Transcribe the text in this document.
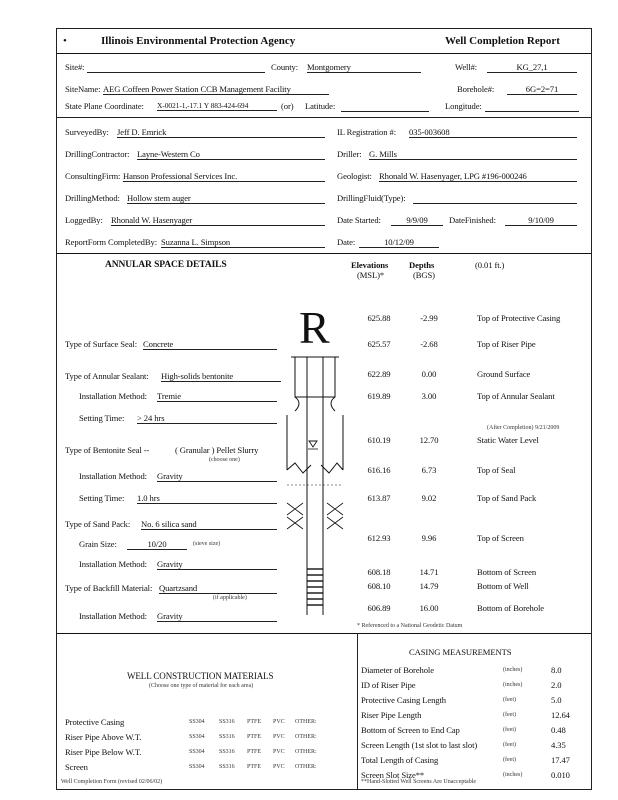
•	Illinois Environmental Protection Agency	Well Completion Report
Site#:	County: Montgomery	Well#:	KG_27,1
SiteName: AEG Coffeen Power Station CCB Management Facility	Borehole#:	6G=2=71
State Plane Coordinate: X-0021-1,-17.1 Y 883-424-694	(or) Latitude:	Longitude:
SurveyedBy: Jeff D. Emrick	IL Registration #: 035-003608
DrillingContractor: Layne-Western Co	Driller: G. Mills
ConsultingFirm: Hanson Professional Services Inc.	Geologist: Rhonald W. Hasenyager, LPG #196-000246
DrillingMethod: Hollow stem auger	DrillingFluid(Type):
LoggedBy: Rhonald W. Hasenyager	Date Started:	9/9/09	DateFinished:	9/10/09
ReportForm CompletedBy: Suzanna L. Simpson	Date:	10/12/09
ANNULAR SPACE DETAILS	Elevations
(MSL)*
Depths
(BGS)
(0.01 ft.)
R	625.88	-2.99	Top of Protective Casing
625.57	-2.68	Top of Riser Pipe
622.89	0.00	Ground Surface
619.89	3.00	Top of Annular Sealant
610.19	12.70	Static Water Level
616.16	6.73	Top of Seal
613.87	9.02	Top of Sand Pack
612.93	9.96	Top of Screen
608.18	14.71	Bottom of Screen
608.10	14.79	Bottom of Well
606.89	16.00	Bottom of Borehole
(After Completion) 9/21/2009
* Referenced to a National Geodetic Datum
Type of Surface Seal: Concrete
Type of Annular Sealant: High-solids bentonite
Installation Method: Tremie
Setting Time: > 24 hrs
Type of Bentonite Seal --	( Granular ) Pellet Slurry
(choose one)
Installation Method: Gravity
Setting Time: 1.0 hrs
Type of Sand Pack: No. 6 silica sand
Grain Size:	10/20	(sieve size)
Installation Method: Gravity
Type of Backfill Material: Quartzsand
(if applicable)
Installation Method: Gravity
WELL CONSTRUCTION MATERIALS
(Choose one type of material for each area)
Protective Casing	SS304 SS316 PTFE PVC OTHER:
Riser Pipe Above W.T.	SS304 SS316 PTFE PVC OTHER:
Riser Pipe Below W.T.	SS304 SS316 PTFE PVC OTHER:
Screen	SS304 SS316 PTFE PVC OTHER:
Well Completion Form (revised 02/06/02)
CASING MEASUREMENTS
Diameter of Borehole	(inches)	8.0
ID of Riser Pipe	(inches)	2.0
Protective Casing Length	(feet)	5.0
Riser Pipe Length	(feet)	12.64
Bottom of Screen to End Cap	(feet)	0.48
Screen Length (1st slot to last slot)	(feet)	4.35
Total Length of Casing	(feet)	17.47
Screen Slot Size**	(inches)	0.010
**Hand-Slotted Well Screens Are Unacceptable
